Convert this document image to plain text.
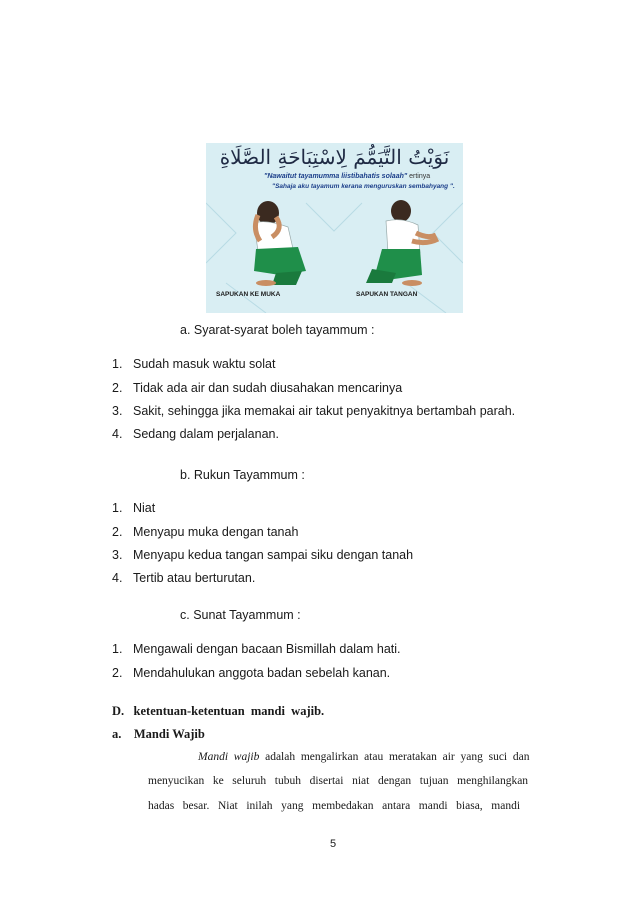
نَوَيْتُ التَّيَمُّمَ لِاسْتِبَاحَةِ الصَّلَاةِ
"Nawaitut tayamumma liistibahatis solaah" ertinya
"Sahaja aku tayamum kerana menguruskan sembahyang ".
SAPUKAN KE MUKA	SAPUKAN TANGAN
a. Syarat-syarat boleh tayammum :
1. Sudah masuk waktu solat
2. Tidak ada air dan sudah diusahakan mencarinya
3. Sakit, sehingga jika memakai air takut penyakitnya bertambah parah.
4. Sedang dalam perjalanan.
b. Rukun Tayammum :
1. Niat
2. Menyapu muka dengan tanah
3. Menyapu kedua tangan sampai siku dengan tanah
4. Tertib atau berturutan.
c. Sunat Tayammum :
1. Mengawali dengan bacaan Bismillah dalam hati.
2. Mendahulukan anggota badan sebelah kanan.
D.   ketentuan-ketentuan  mandi  wajib.
a.    Mandi Wajib
Mandi  wajib  adalah  mengalirkan  atau  meratakan  air  yang  suci  dan
menyucikan   ke   seluruh   tubuh   disertai   niat   dengan   tujuan   menghilangkan
hadas   besar.   Niat   inilah   yang   membedakan   antara   mandi   biasa,   mandi
5
